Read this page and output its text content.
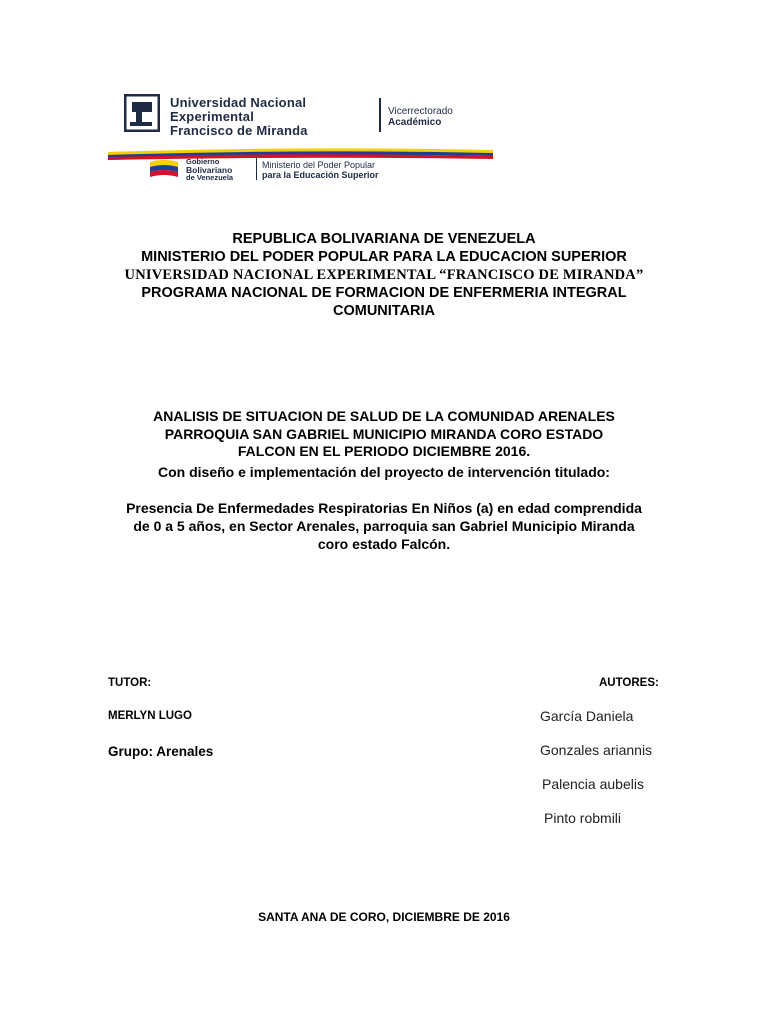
Universidad Nacional
Experimental
Francisco de Miranda
Vicerrectorado
Académico
Gobierno
Bolivariano
de Venezuela
Ministerio del Poder Popular
para la Educación Superior
REPUBLICA BOLIVARIANA DE VENEZUELA
MINISTERIO DEL PODER POPULAR PARA LA EDUCACION SUPERIOR
UNIVERSIDAD NACIONAL EXPERIMENTAL “FRANCISCO DE MIRANDA”
PROGRAMA NACIONAL DE FORMACION DE ENFERMERIA INTEGRAL
COMUNITARIA
ANALISIS DE SITUACION DE SALUD DE LA COMUNIDAD ARENALES
PARROQUIA SAN GABRIEL MUNICIPIO MIRANDA CORO ESTADO
FALCON EN EL PERIODO DICIEMBRE 2016.
Con diseño e implementación del proyecto de intervención titulado:
Presencia De Enfermedades Respiratorias En Niños (a) en edad comprendida
de 0 a 5 años, en Sector Arenales, parroquia san Gabriel Municipio Miranda
coro estado Falcón.
TUTOR:
MERLYN LUGO
Grupo: Arenales
AUTORES:
García Daniela
Gonzales ariannis
Palencia aubelis
Pinto robmili
SANTA ANA DE CORO, DICIEMBRE DE 2016
